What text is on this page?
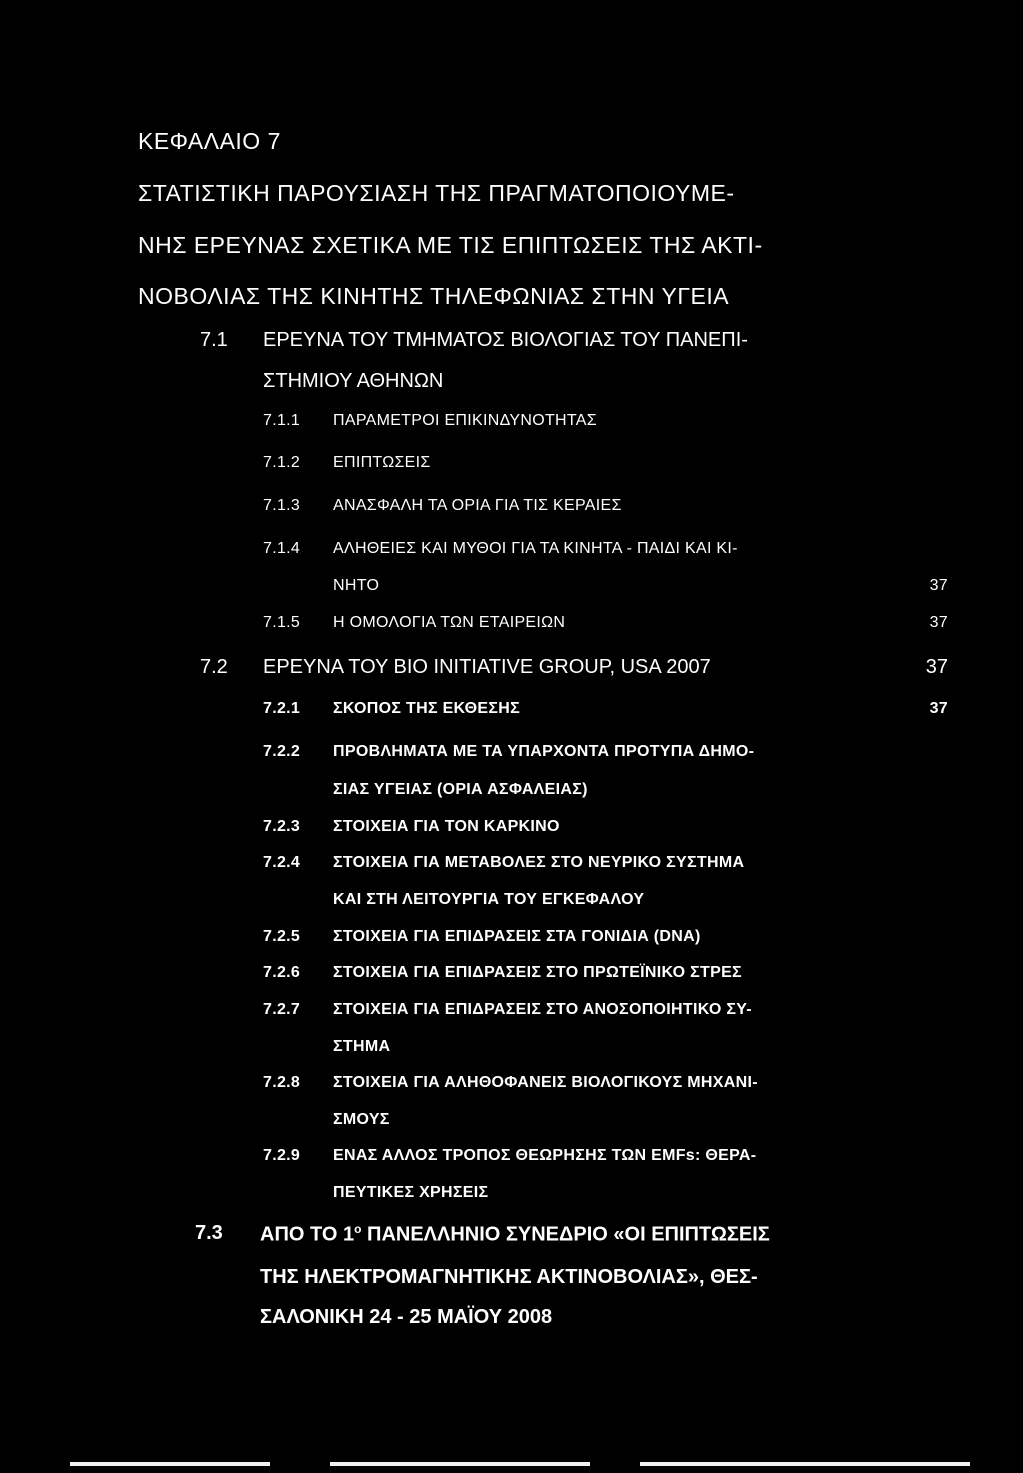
ΚΕΦΑΛΑΙΟ 7
ΣΤΑΤΙΣΤΙΚΗ ΠΑΡΟΥΣΙΑΣΗ ΤΗΣ ΠΡΑΓΜΑΤΟΠΟΙΟΥΜΕ-
ΝΗΣ ΕΡΕΥΝΑΣ ΣΧΕΤΙΚΑ ΜΕ ΤΙΣ ΕΠΙΠΤΩΣΕΙΣ ΤΗΣ ΑΚΤΙ-
ΝΟΒΟΛΙΑΣ ΤΗΣ ΚΙΝΗΤΗΣ ΤΗΛΕΦΩΝΙΑΣ ΣΤΗΝ ΥΓΕΙΑ
7.1 ΕΡΕΥΝΑ ΤΟΥ ΤΜΗΜΑΤΟΣ ΒΙΟΛΟΓΙΑΣ ΤΟΥ ΠΑΝΕΠΙ-
ΣΤΗΜΙΟΥ ΑΘΗΝΩΝ
7.1.1 ΠΑΡΑΜΕΤΡΟΙ ΕΠΙΚΙΝΔΥΝΟΤΗΤΑΣ
7.1.2 ΕΠΙΠΤΩΣΕΙΣ
7.1.3 ΑΝΑΣΦΑΛΗ ΤΑ ΟΡΙΑ ΓΙΑ ΤΙΣ ΚΕΡΑΙΕΣ
7.1.4 ΑΛΗΘΕΙΕΣ ΚΑΙ ΜΥΘΟΙ ΓΙΑ ΤΑ ΚΙΝΗΤΑ - ΠΑΙΔΙ ΚΑΙ ΚΙ-
ΝΗΤΟ	37
7.1.5 Η ΟΜΟΛΟΓΙΑ ΤΩΝ ΕΤΑΙΡΕΙΩΝ	37
7.2 ΕΡΕΥΝΑ ΤΟΥ BIO INITIATIVE GROUP, USA 2007	37
7.2.1 ΣΚΟΠΟΣ ΤΗΣ ΕΚΘΕΣΗΣ	37
7.2.2 ΠΡΟΒΛΗΜΑΤΑ ΜΕ ΤΑ ΥΠΑΡΧΟΝΤΑ ΠΡΟΤΥΠΑ ΔΗΜΟ-
ΣΙΑΣ ΥΓΕΙΑΣ (ΟΡΙΑ ΑΣΦΑΛΕΙΑΣ)
7.2.3 ΣΤΟΙΧΕΙΑ ΓΙΑ ΤΟΝ ΚΑΡΚΙΝΟ
7.2.4 ΣΤΟΙΧΕΙΑ ΓΙΑ ΜΕΤΑΒΟΛΕΣ ΣΤΟ ΝΕΥΡΙΚΟ ΣΥΣΤΗΜΑ
ΚΑΙ ΣΤΗ ΛΕΙΤΟΥΡΓΙΑ ΤΟΥ ΕΓΚΕΦΑΛΟΥ
7.2.5 ΣΤΟΙΧΕΙΑ ΓΙΑ ΕΠΙΔΡΑΣΕΙΣ ΣΤΑ ΓΟΝΙΔΙΑ (DNA)
7.2.6 ΣΤΟΙΧΕΙΑ ΓΙΑ ΕΠΙΔΡΑΣΕΙΣ ΣΤΟ ΠΡΩΤΕΪΝΙΚΟ ΣΤΡΕΣ
7.2.7 ΣΤΟΙΧΕΙΑ ΓΙΑ ΕΠΙΔΡΑΣΕΙΣ ΣΤΟ ΑΝΟΣΟΠΟΙΗΤΙΚΟ ΣΥ-
ΣΤΗΜΑ
7.2.8 ΣΤΟΙΧΕΙΑ ΓΙΑ ΑΛΗΘΟΦΑΝΕΙΣ ΒΙΟΛΟΓΙΚΟΥΣ ΜΗΧΑΝΙ-
ΣΜΟΥΣ
7.2.9 ΕΝΑΣ ΑΛΛΟΣ ΤΡΟΠΟΣ ΘΕΩΡΗΣΗΣ ΤΩΝ EMFs: ΘΕΡΑ-
ΠΕΥΤΙΚΕΣ ΧΡΗΣΕΙΣ
7.3 ΑΠΟ ΤΟ $1^o$ ΠΑΝΕΛΛΗΝΙΟ ΣΥΝΕΔΡΙΟ «ΟΙ ΕΠΙΠΤΩΣΕΙΣ
ΤΗΣ ΗΛΕΚΤΡΟΜΑΓΝΗΤΙΚΗΣ ΑΚΤΙΝΟΒΟΛΙΑΣ», ΘΕΣ-
ΣΑΛΟΝΙΚΗ 24 - 25 ΜΑΪΟΥ 2008
